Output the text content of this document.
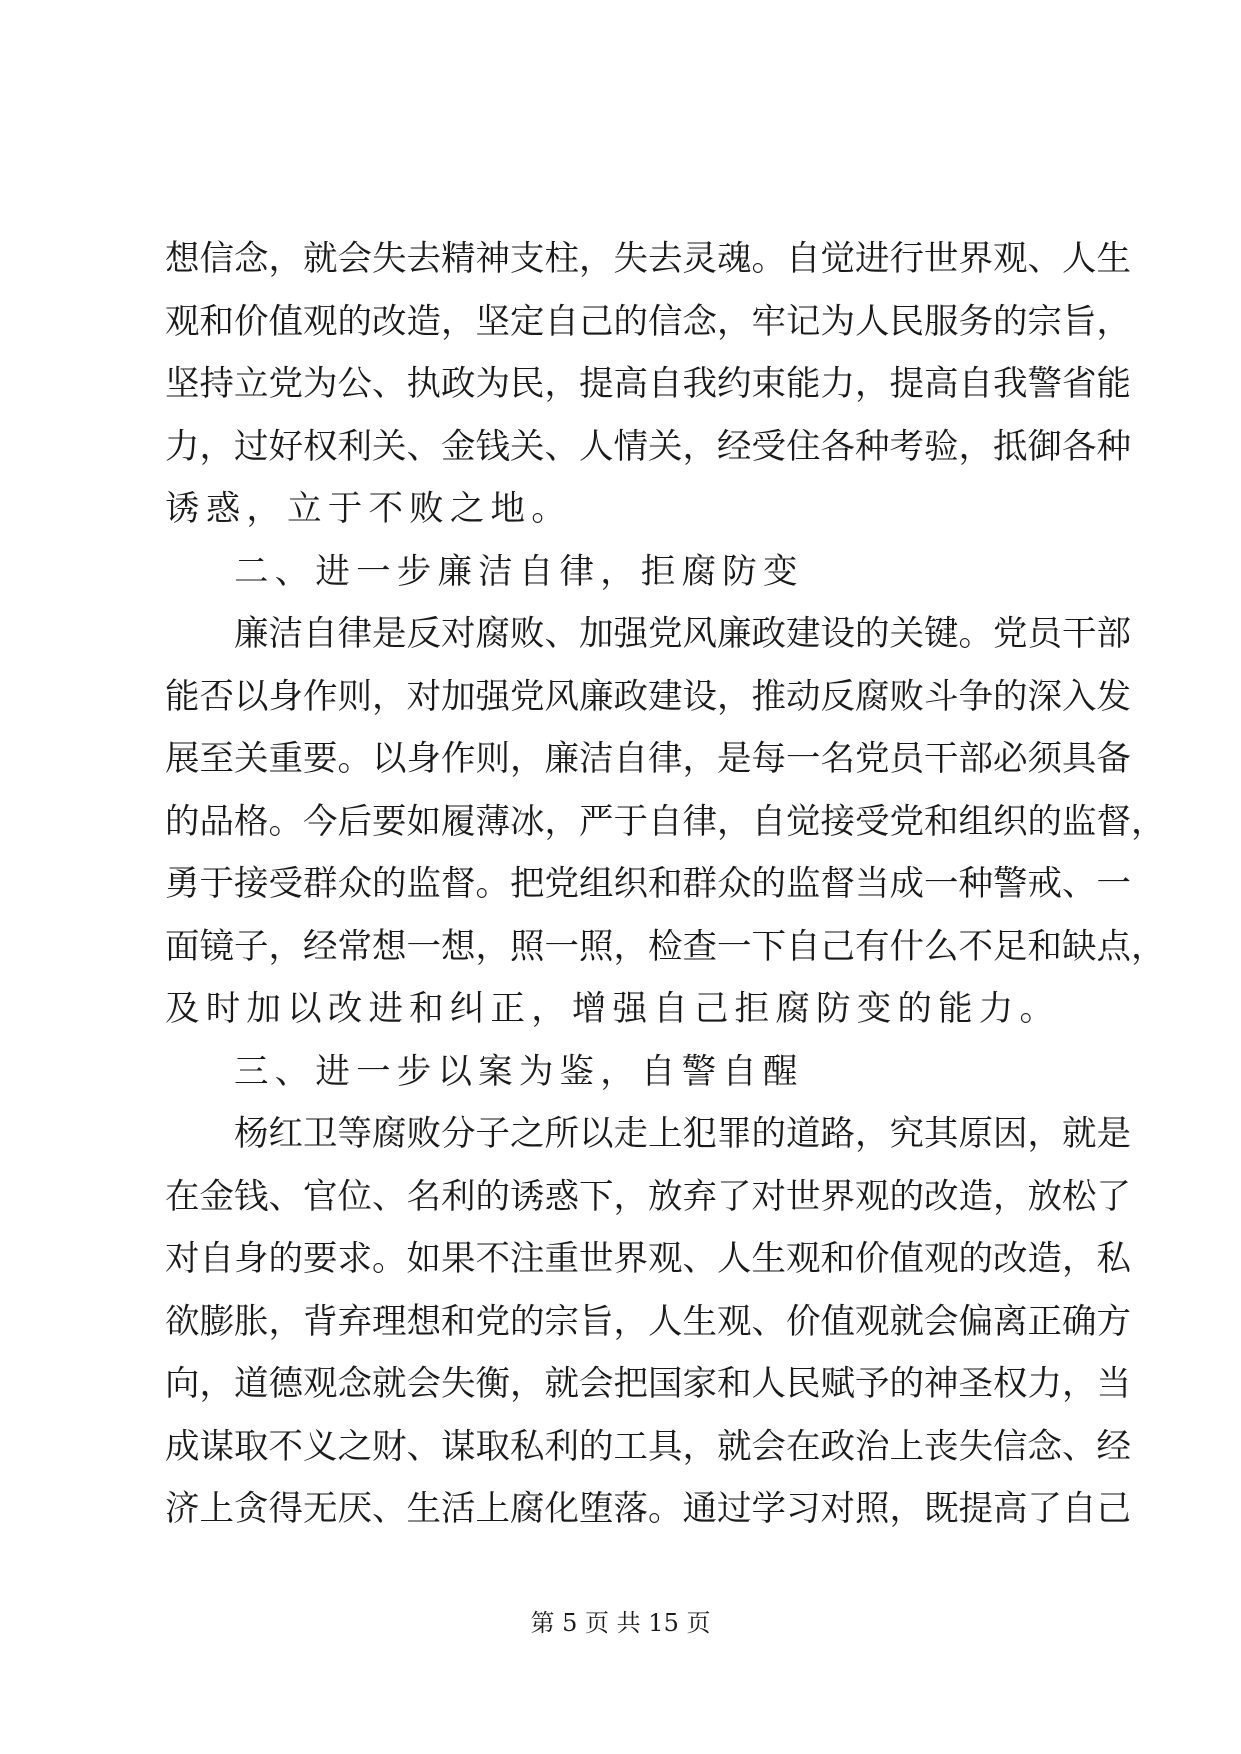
想 信 念 ， 就 会 失 去 精 神 支 柱 ， 失 去 灵 魂 。 自 觉 进 行 世 界 观 、 人 生
观 和 价 值 观 的 改 造 ， 坚 定 自 己 的 信 念 ， 牢 记 为 人 民 服 务 的 宗 旨 ，
坚 持 立 党 为 公 、 执 政 为 民 ， 提 高 自 我 约 束 能 力 ， 提 高 自 我 警 省 能
力 ， 过 好 权 利 关 、 金 钱 关 、 人 情 关 ， 经 受 住 各 种 考 验 ， 抵 御 各 种
诱 惑 ， 立 于 不 败 之 地 。
二 、 进 一 步 廉 洁 自 律 ， 拒 腐 防 变
廉 洁 自 律 是 反 对 腐 败 、 加 强 党 风 廉 政 建 设 的 关 键 。 党 员 干 部
能 否 以 身 作 则 ， 对 加 强 党 风 廉 政 建 设 ， 推 动 反 腐 败 斗 争 的 深 入 发
展 至 关 重 要 。 以 身 作 则 ， 廉 洁 自 律 ， 是 每 一 名 党 员 干 部 必 须 具 备
的 品 格 。 今 后 要 如 履 薄 冰 ， 严 于 自 律 ， 自 觉 接 受 党 和 组 织 的 监 督 ，
勇 于 接 受 群 众 的 监 督 。 把 党 组 织 和 群 众 的 监 督 当 成 一 种 警 戒 、 一
面 镜 子 ， 经 常 想 一 想 ， 照 一 照 ， 检 查 一 下 自 己 有 什 么 不 足 和 缺 点 ，
及 时 加 以 改 进 和 纠 正 ， 增 强 自 己 拒 腐 防 变 的 能 力 。
三 、 进 一 步 以 案 为 鉴 ， 自 警 自 醒
杨 红 卫 等 腐 败 分 子 之 所 以 走 上 犯 罪 的 道 路 ， 究 其 原 因 ， 就 是
在 金 钱 、 官 位 、 名 利 的 诱 惑 下 ， 放 弃 了 对 世 界 观 的 改 造 ， 放 松 了
对 自 身 的 要 求 。 如 果 不 注 重 世 界 观 、 人 生 观 和 价 值 观 的 改 造 ， 私
欲 膨 胀 ， 背 弃 理 想 和 党 的 宗 旨 ， 人 生 观 、 价 值 观 就 会 偏 离 正 确 方
向 ， 道 德 观 念 就 会 失 衡 ， 就 会 把 国 家 和 人 民 赋 予 的 神 圣 权 力 ， 当
成 谋 取 不 义 之 财 、 谋 取 私 利 的 工 具 ， 就 会 在 政 治 上 丧 失 信 念 、 经
济 上 贪 得 无 厌 、 生 活 上 腐 化 堕 落 。 通 过 学 习 对 照 ， 既 提 高 了 自 己
第 5 页 共 15 页
